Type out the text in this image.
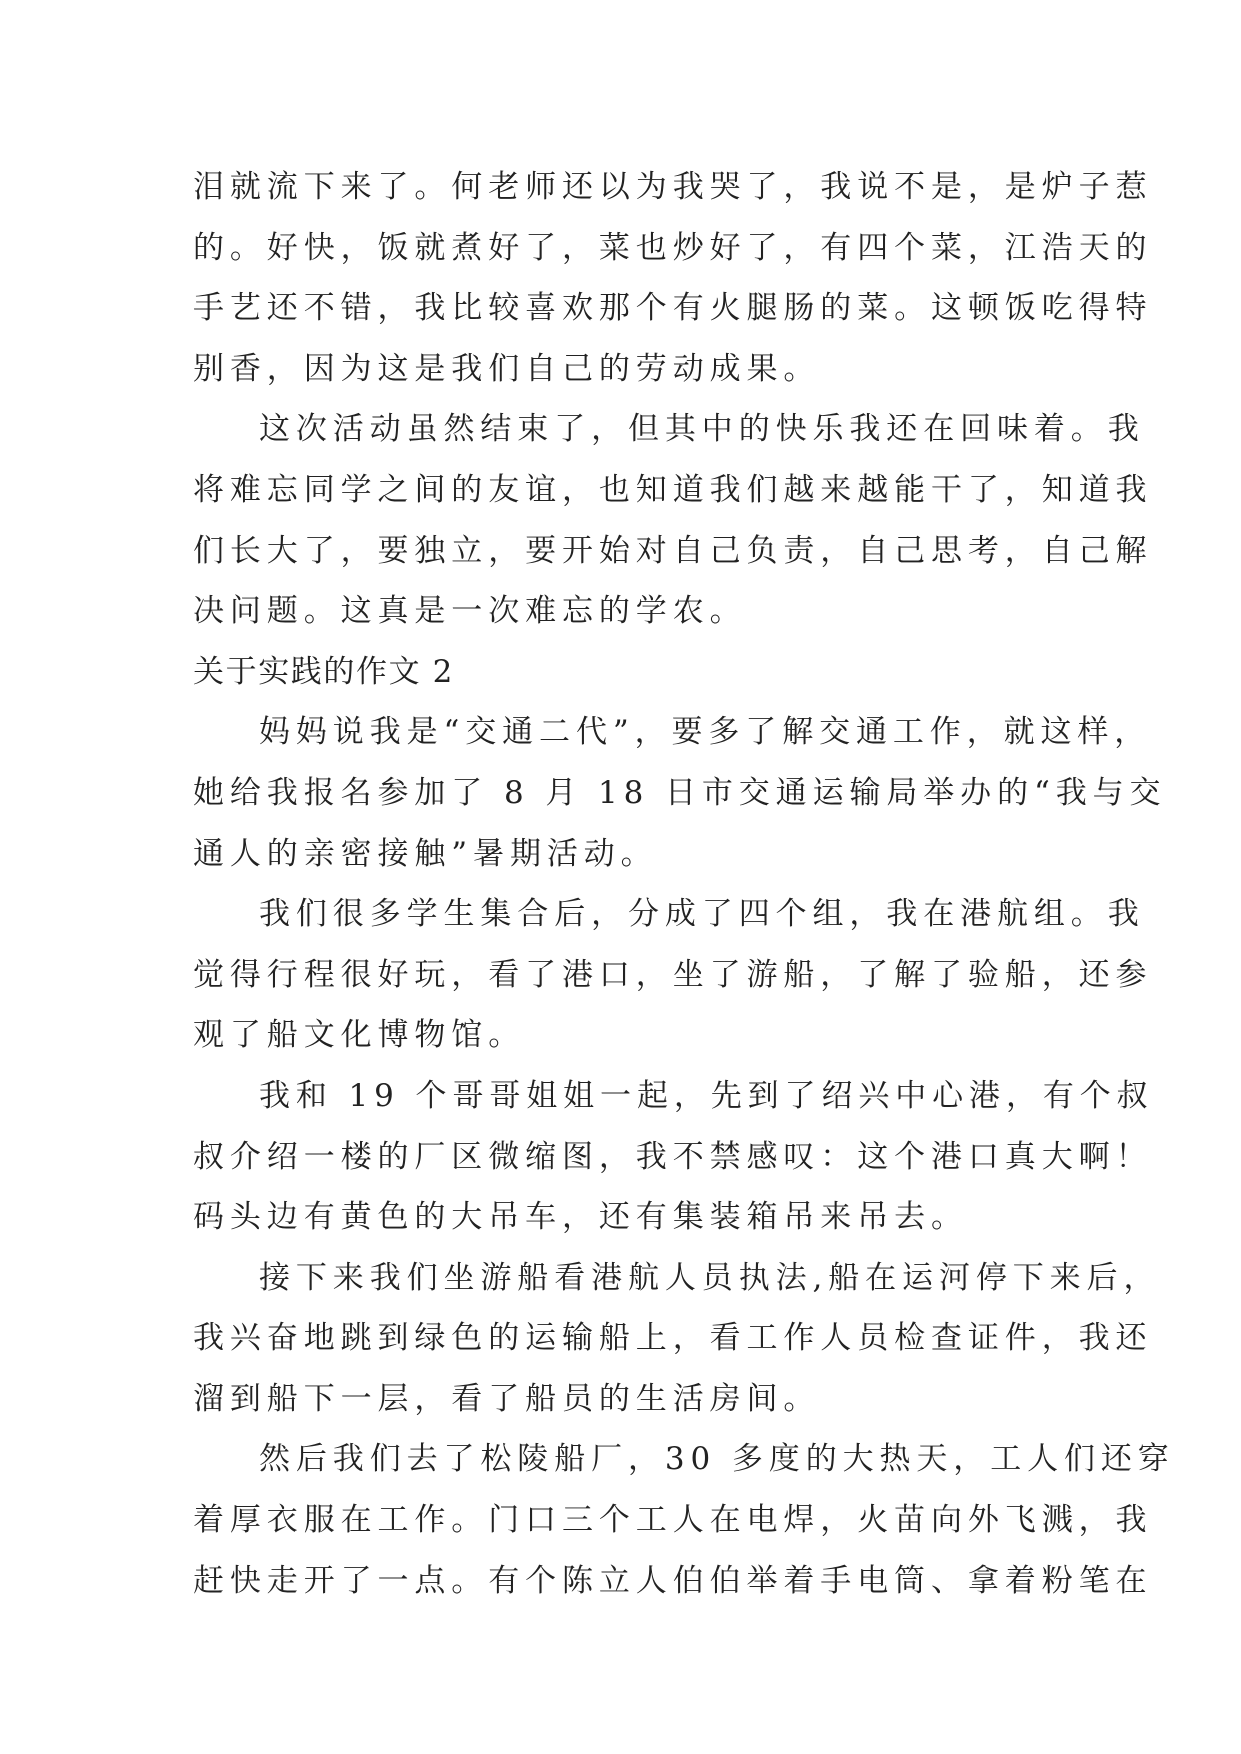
泪就流下来了。何老师还以为我哭了，我说不是，是炉子惹
的。好快，饭就煮好了，菜也炒好了，有四个菜，江浩天的
手艺还不错，我比较喜欢那个有火腿肠的菜。这顿饭吃得特
别香，因为这是我们自己的劳动成果。
这次活动虽然结束了，但其中的快乐我还在回味着。我
将难忘同学之间的友谊，也知道我们越来越能干了，知道我
们长大了，要独立，要开始对自己负责，自己思考，自己解
决问题。这真是一次难忘的学农。
关于实践的作文 2
妈妈说我是“交通二代”，要多了解交通工作，就这样，
她给我报名参加了 8 月 18 日市交通运输局举办的“我与交
通人的亲密接触”暑期活动。
我们很多学生集合后，分成了四个组，我在港航组。我
觉得行程很好玩，看了港口，坐了游船，了解了验船，还参
观了船文化博物馆。
我和 19 个哥哥姐姐一起，先到了绍兴中心港，有个叔
叔介绍一楼的厂区微缩图，我不禁感叹：这个港口真大啊！
码头边有黄色的大吊车，还有集装箱吊来吊去。
接下来我们坐游船看港航人员执法,船在运河停下来后，
我兴奋地跳到绿色的运输船上，看工作人员检查证件，我还
溜到船下一层，看了船员的生活房间。
然后我们去了松陵船厂，30 多度的大热天，工人们还穿
着厚衣服在工作。门口三个工人在电焊，火苗向外飞溅，我
赶快走开了一点。有个陈立人伯伯举着手电筒、拿着粉笔在
